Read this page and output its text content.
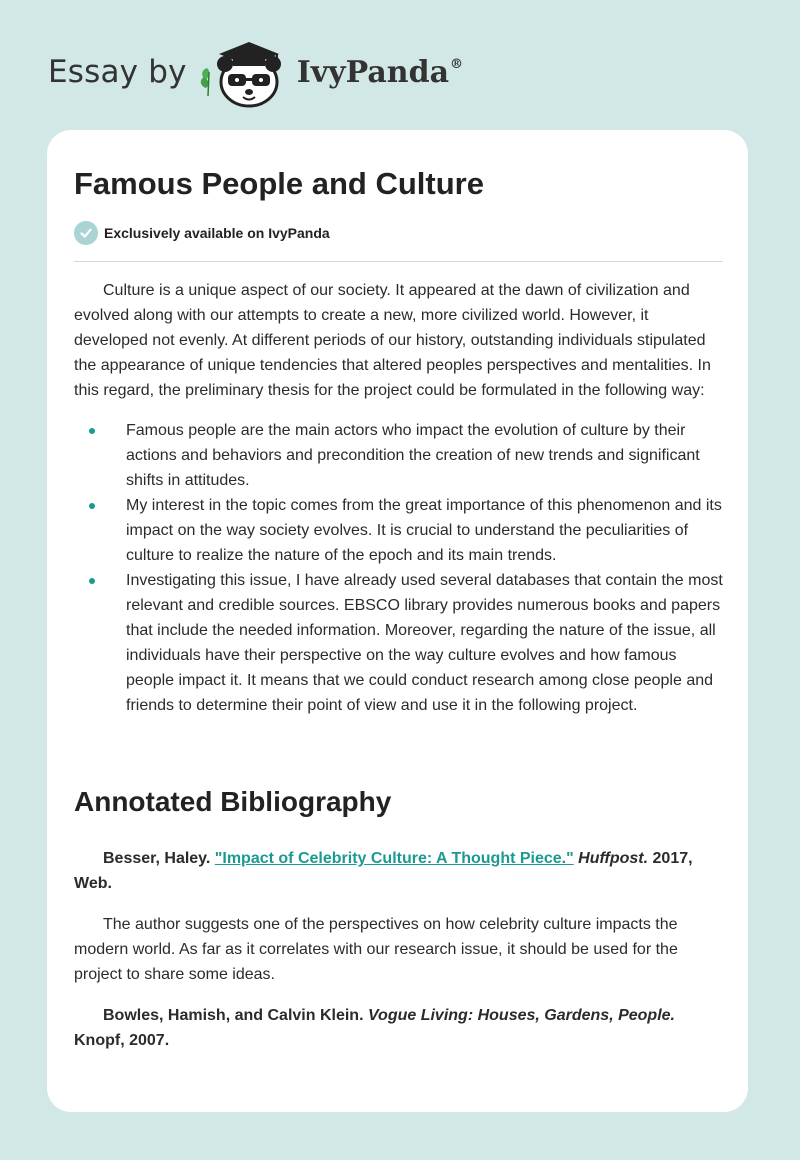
Essay by	IvyPanda®
Famous People and Culture
Exclusively available on IvyPanda

Culture is a unique aspect of our society. It appeared at the dawn of civilization and evolved along with our attempts to create a new, more civilized world. However, it developed not evenly. At different periods of our history, outstanding individuals stipulated the appearance of unique tendencies that altered peoples perspectives and mentalities. In this regard, the preliminary thesis for the project could be formulated in the following way:

Famous people are the main actors who impact the evolution of culture by their actions and behaviors and precondition the creation of new trends and significant shifts in attitudes.
My interest in the topic comes from the great importance of this phenomenon and its impact on the way society evolves. It is crucial to understand the peculiarities of culture to realize the nature of the epoch and its main trends.
Investigating this issue, I have already used several databases that contain the most relevant and credible sources. EBSCO library provides numerous books and papers that include the needed information. Moreover, regarding the nature of the issue, all individuals have their perspective on the way culture evolves and how famous people impact it. It means that we could conduct research among close people and friends to determine their point of view and use it in the following project.
Annotated Bibliography

Besser, Haley. "Impact of Celebrity Culture: A Thought Piece." Huffpost. 2017, Web.

The author suggests one of the perspectives on how celebrity culture impacts the modern world. As far as it correlates with our research issue, it should be used for the project to share some ideas.

Bowles, Hamish, and Calvin Klein. Vogue Living: Houses, Gardens, People. Knopf, 2007.
